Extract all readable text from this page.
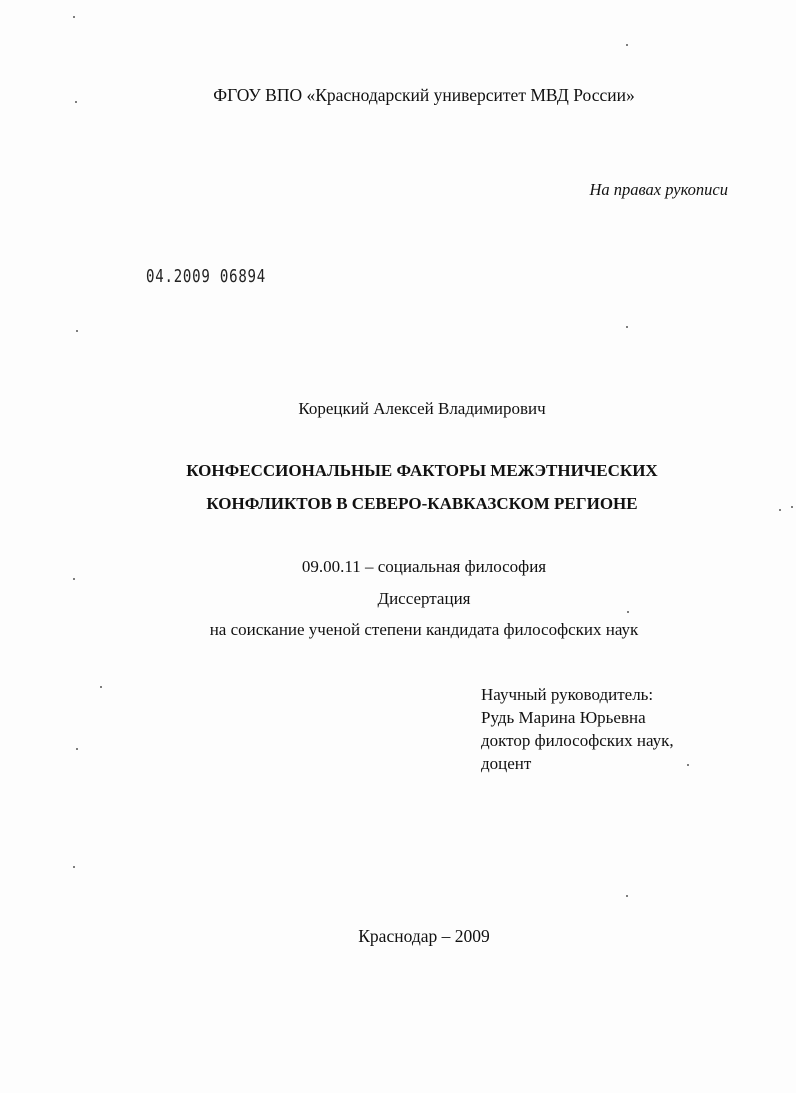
ФГОУ ВПО «Краснодарский университет МВД России»
На правах рукописи
04.2009 06894
Корецкий Алексей Владимирович
КОНФЕССИОНАЛЬНЫЕ ФАКТОРЫ МЕЖЭТНИЧЕСКИХ
КОНФЛИКТОВ В СЕВЕРО-КАВКАЗСКОМ РЕГИОНЕ
09.00.11 – социальная философия
Диссертация
на соискание ученой степени кандидата философских наук
Научный руководитель:
Рудь Марина Юрьевна
доктор философских наук,
доцент
Краснодар – 2009
